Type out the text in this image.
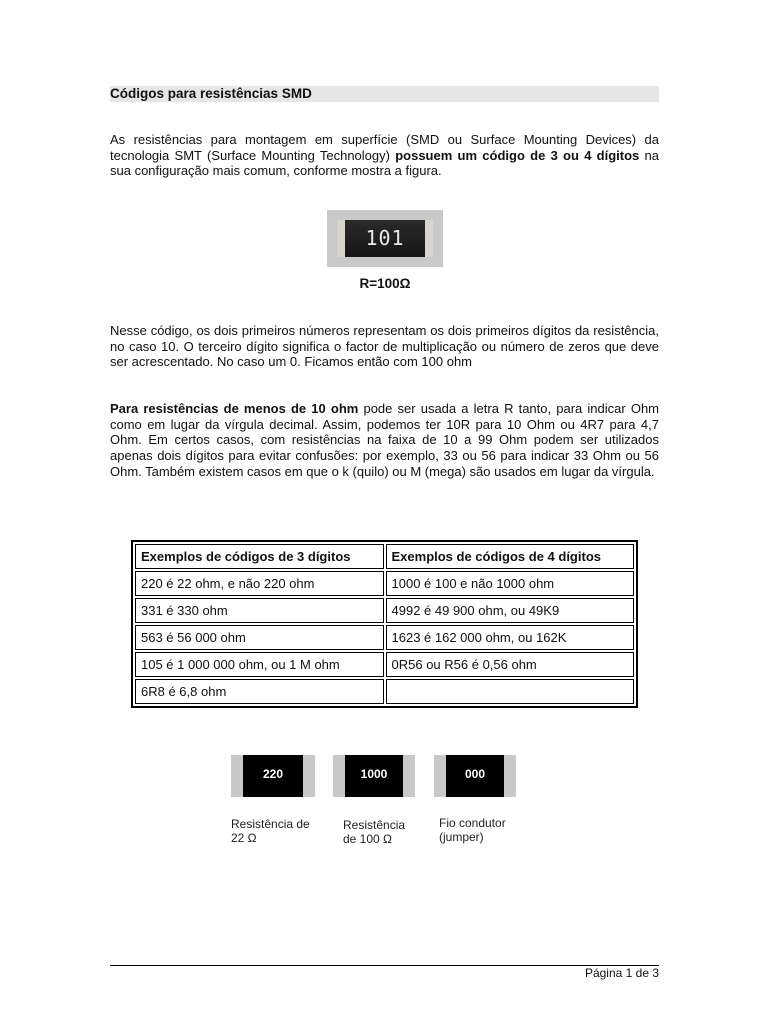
Códigos para resistências SMD

As resistências para montagem em superfície (SMD ou Surface Mounting Devices) da tecnologia SMT (Surface Mounting Technology) possuem um código de 3 ou 4 dígitos na sua configuração mais comum, conforme mostra a figura.

101
R=100Ω

Nesse código, os dois primeiros números representam os dois primeiros dígitos da resistência, no caso 10. O terceiro dígito significa o factor de multiplicação ou número de zeros que deve ser acrescentado. No caso um 0. Ficamos então com 100 ohm

Para resistências de menos de 10 ohm pode ser usada a letra R tanto, para indicar Ohm como em lugar da vírgula decimal. Assim, podemos ter 10R para 10 Ohm ou 4R7 para 4,7 Ohm. Em certos casos, com resistências na faixa de 10 a 99 Ohm podem ser utilizados apenas dois dígitos para evitar confusões: por exemplo, 33 ou 56 para indicar 33 Ohm ou 56 Ohm. Também existem casos em que o k (quilo) ou M (mega) são usados em lugar da vírgula.

Exemplos de códigos de 3 dígitos	Exemplos de códigos de 4 dígitos
220 é 22 ohm, e não 220 ohm	1000 é 100 e não 1000 ohm
331 é 330 ohm	4992 é 49 900 ohm, ou 49K9
563 é 56 000 ohm	1623 é 162 000 ohm, ou 162K
105 é 1 000 000 ohm, ou 1 M ohm	0R56 ou R56 é 0,56 ohm
6R8 é 6,8 ohm	
220	1000	000
Resistência de
22 Ω
Resistência
de 100 Ω
Fio condutor
(jumper)
Página 1 de 3
